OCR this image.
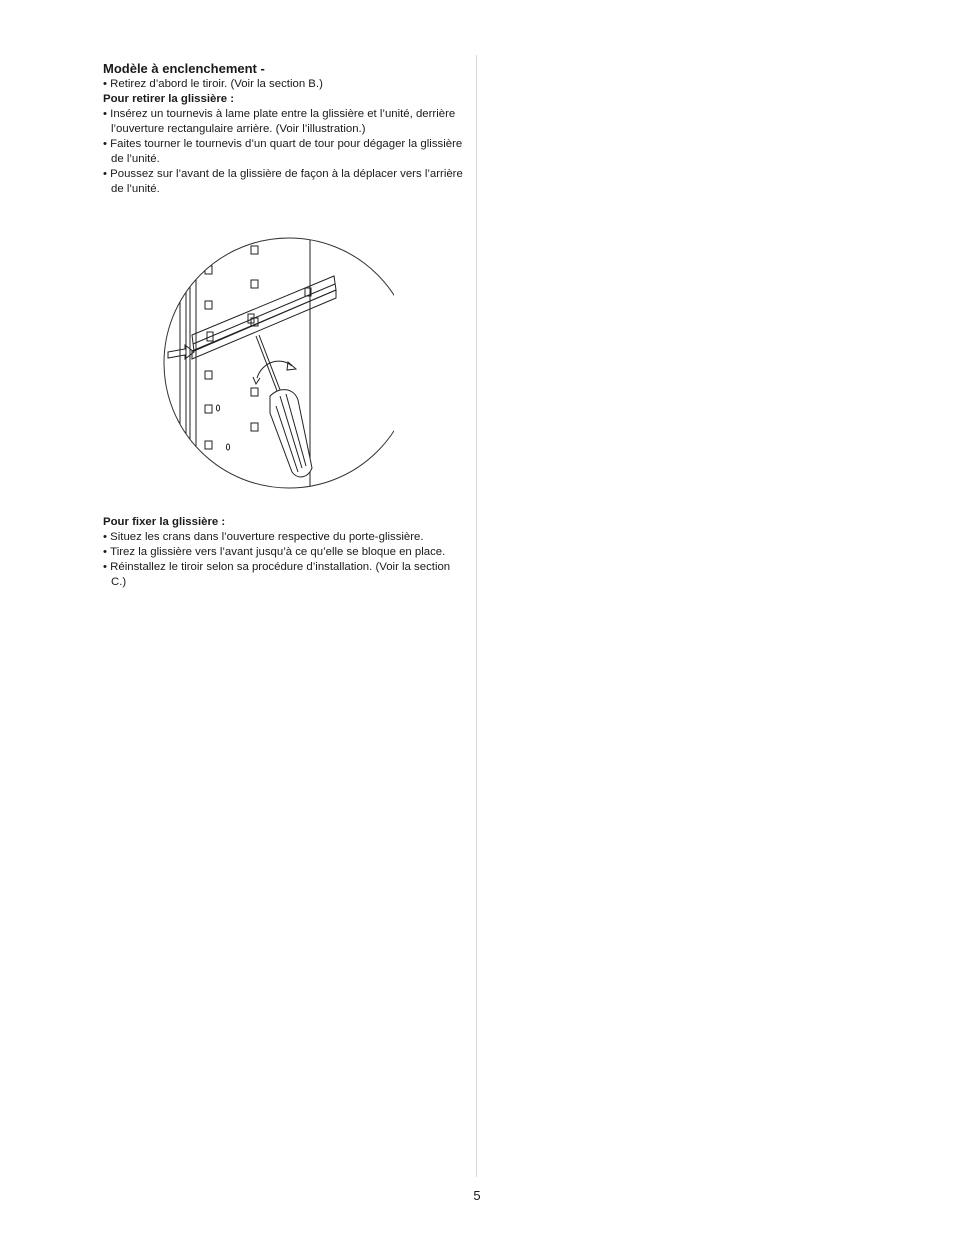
Modèle à enclenchement -

• Retirez d’abord le tiroir. (Voir la section B.)

Pour retirer la glissière :

• Insérez un tournevis à lame plate entre la glissière et l’unité, derrière l’ouverture rectangulaire arrière. (Voir l’illustration.)
• Faites tourner le tournevis d’un quart de tour pour dégager la glissière de l’unité.
• Poussez sur l’avant de la glissière de façon à la déplacer vers l’arrière de l’unité.

Pour fixer la glissière :

• Situez les crans dans l’ouverture respective du porte-glissière.
• Tirez la glissière vers l’avant jusqu’à ce qu’elle se bloque en place.
• Réinstallez le tiroir selon sa procédure d’installation. (Voir la section C.)
5
